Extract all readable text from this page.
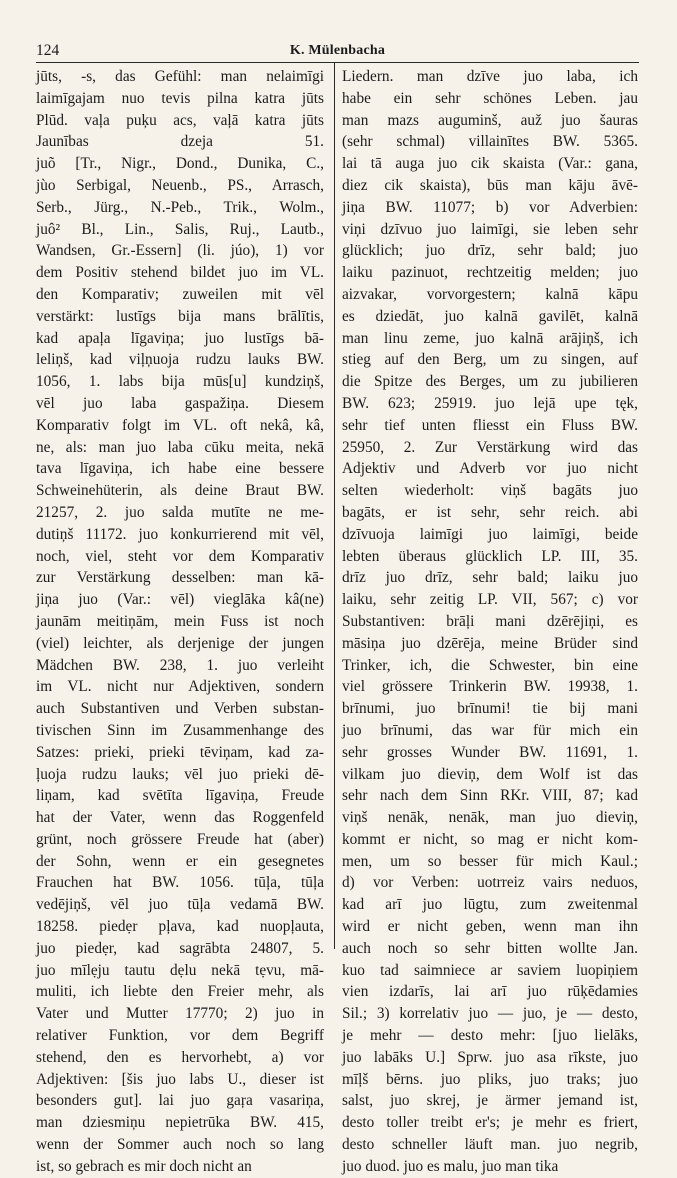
124	K. Mülenbacha
jūts, -s, das Gefühl: man nelaimīgi
laimīgajam nuo tevis pilna katra jūts
Plūd. vaļa puķu acs, vaļā katra jūts
Jaunības dzeja 51.
juõ [Tr., Nigr., Dond., Dunika, C.,
jùo Serbigal, Neuenb., PS., Arrasch,
Serb., Jürg., N.-Peb., Trik., Wolm.,
juô² Bl., Lin., Salis, Ruj., Lautb.,
Wandsen, Gr.-Essern] (li. júo), 1) vor
dem Positiv stehend bildet juo im VL.
den Komparativ; zuweilen mit vēl
verstärkt: lustīgs bija mans brālītis,
kad apaļa līgaviņa; juo lustīgs bā-
leliņš, kad viļņuoja rudzu lauks BW.
1056, 1. labs bija mūs[u] kundziņš,
vēl juo laba gaspažiņa. Diesem
Komparativ folgt im VL. oft nekâ, kâ,
ne, als: man juo laba cūku meita, nekā
tava līgaviņa, ich habe eine bessere
Schweinehüterin, als deine Braut BW.
21257, 2. juo salda mutīte ne me-
dutiņš 11172. juo konkurrierend mit vēl,
noch, viel, steht vor dem Komparativ
zur Verstärkung desselben: man kā-
jiņa juo (Var.: vēl) vieglāka kâ(ne)
jaunām meitiņām, mein Fuss ist noch
(viel) leichter, als derjenige der jungen
Mädchen BW. 238, 1. juo verleiht
im VL. nicht nur Adjektiven, sondern
auch Substantiven und Verben substan-
tivischen Sinn im Zusammenhange des
Satzes: prieki, prieki tēviņam, kad za-
ļuoja rudzu lauks; vēl juo prieki dē-
liņam, kad svētīta līgaviņa, Freude
hat der Vater, wenn das Roggenfeld
grünt, noch grössere Freude hat (aber)
der Sohn, wenn er ein gesegnetes
Frauchen hat BW. 1056. tūļa, tūļa
vedējiņš, vēl juo tūļa vedamā BW.
18258. piedẹr pļava, kad nuopļauta,
juo piedẹr, kad sagrābta 24807, 5.
juo mīlẹju tautu dẹlu nekā tẹvu, mā-
muliti, ich liebte den Freier mehr, als
Vater und Mutter 17770; 2) juo in
relativer Funktion, vor dem Begriff
stehend, den es hervorhebt, a) vor
Adjektiven: [šis juo labs U., dieser ist
besonders gut]. lai juo gaŗa vasariņa,
man dziesmiņu nepietrūka BW. 415,
wenn der Sommer auch noch so lang
ist, so gebrach es mir doch nicht an
Liedern. man dzīve juo laba, ich
habe ein sehr schönes Leben. jau
man mazs auguminš, auž juo šauras
(sehr schmal) villainītes BW. 5365.
lai tā auga juo cik skaista (Var.: gana,
diez cik skaista), būs man kāju āvē-
jiņa BW. 11077; b) vor Adverbien:
viņi dzīvuo juo laimīgi, sie leben sehr
glücklich; juo drīz, sehr bald; juo
laiku pazinuot, rechtzeitig melden; juo
aizvakar, vorvorgestern; kalnā kāpu
es dziedāt, juo kalnā gavilēt, kalnā
man linu zeme, juo kalnā arājiņš, ich
stieg auf den Berg, um zu singen, auf
die Spitze des Berges, um zu jubilieren
BW. 623; 25919. juo lejā upe tęk,
sehr tief unten fliesst ein Fluss BW.
25950, 2. Zur Verstärkung wird das
Adjektiv und Adverb vor juo nicht
selten wiederholt: viņš bagāts juo
bagāts, er ist sehr, sehr reich. abi
dzīvuoja laimīgi juo laimīgi, beide
lebten überaus glücklich LP. III, 35.
drīz juo drīz, sehr bald; laiku juo
laiku, sehr zeitig LP. VII, 567; c) vor
Substantiven: brāļi mani dzērējiņi, es
māsiņa juo dzērēja, meine Brüder sind
Trinker, ich, die Schwester, bin eine
viel grössere Trinkerin BW. 19938, 1.
brīnumi, juo brīnumi! tie bij mani
juo brīnumi, das war für mich ein
sehr grosses Wunder BW. 11691, 1.
vilkam juo dieviņ, dem Wolf ist das
sehr nach dem Sinn RKr. VIII, 87; kad
viņš nenāk, nenāk, man juo dieviņ,
kommt er nicht, so mag er nicht kom-
men, um so besser für mich Kaul.;
d) vor Verben: uotrreiz vairs neduos,
kad arī juo lūgtu, zum zweitenmal
wird er nicht geben, wenn man ihn
auch noch so sehr bitten wollte Jan.
kuo tad saimniece ar saviem luopiņiem
vien izdarīs, lai arī juo rūķēdamies
Sil.; 3) korrelativ juo — juo, je — desto,
je mehr — desto mehr: [juo lielāks,
juo labāks U.] Sprw. juo asa rīkste, juo
mīļš bērns. juo pliks, juo traks; juo
salst, juo skrej, je ärmer jemand ist,
desto toller treibt er's; je mehr es friert,
desto schneller läuft man. juo negrib,
juo duod. juo es malu, juo man tika
